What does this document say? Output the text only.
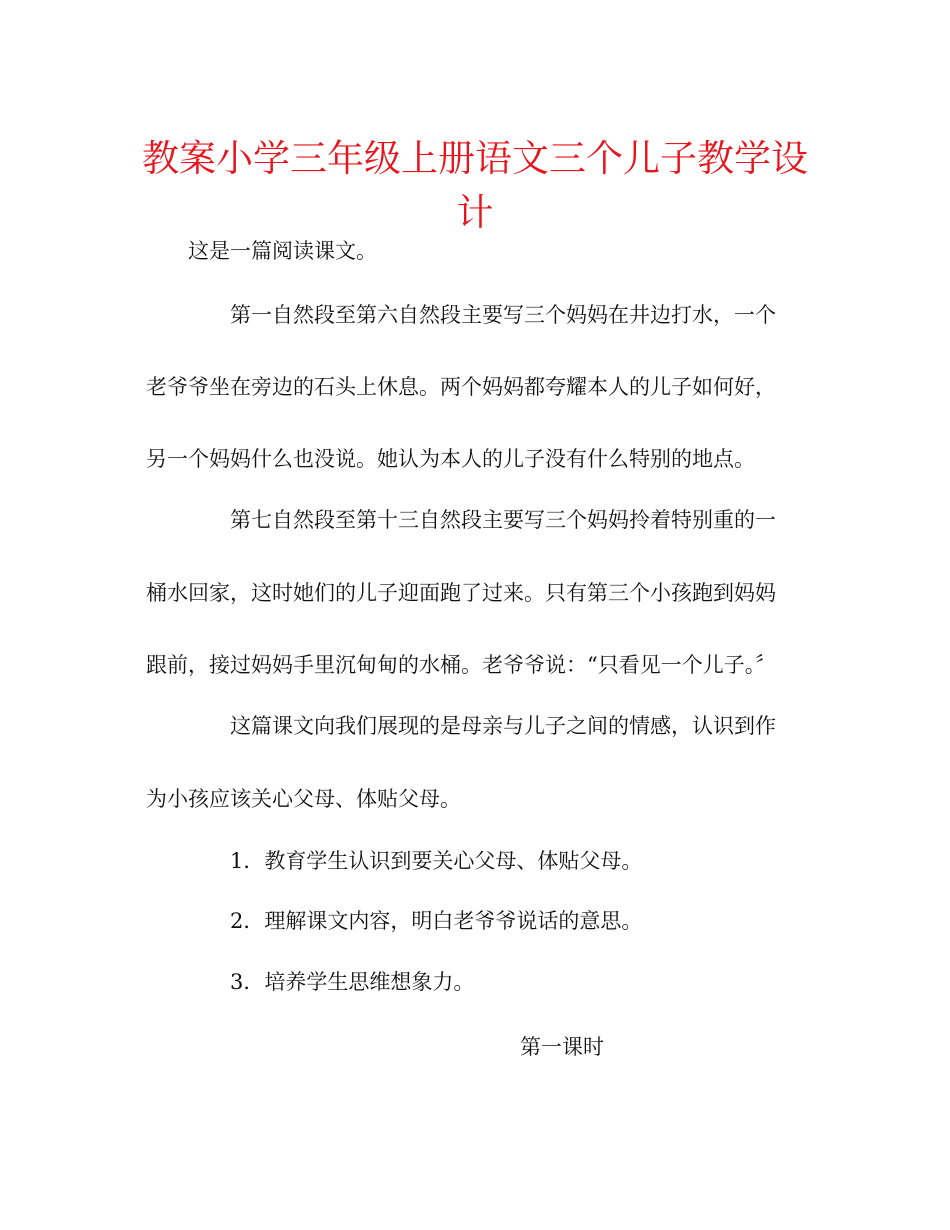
教案小学三年级上册语文三个儿子教学设计

这是一篇阅读课文。

第一自然段至第六自然段主要写三个妈妈在井边打水，一个

老爷爷坐在旁边的石头上休息。两个妈妈都夸耀本人的儿子如何好，

另一个妈妈什么也没说。她认为本人的儿子没有什么特别的地点。

第七自然段至第十三自然段主要写三个妈妈拎着特别重的一

桶水回家，这时她们的儿子迎面跑了过来。只有第三个小孩跑到妈妈

跟前，接过妈妈手里沉甸甸的水桶。老爷爷说：“只看见一个儿子。〞

这篇课文向我们展现的是母亲与儿子之间的情感，认识到作

为小孩应该关心父母、体贴父母。

1．教育学生认识到要关心父母、体贴父母。

2．理解课文内容，明白老爷爷说话的意思。

3．培养学生思维想象力。

第一课时
